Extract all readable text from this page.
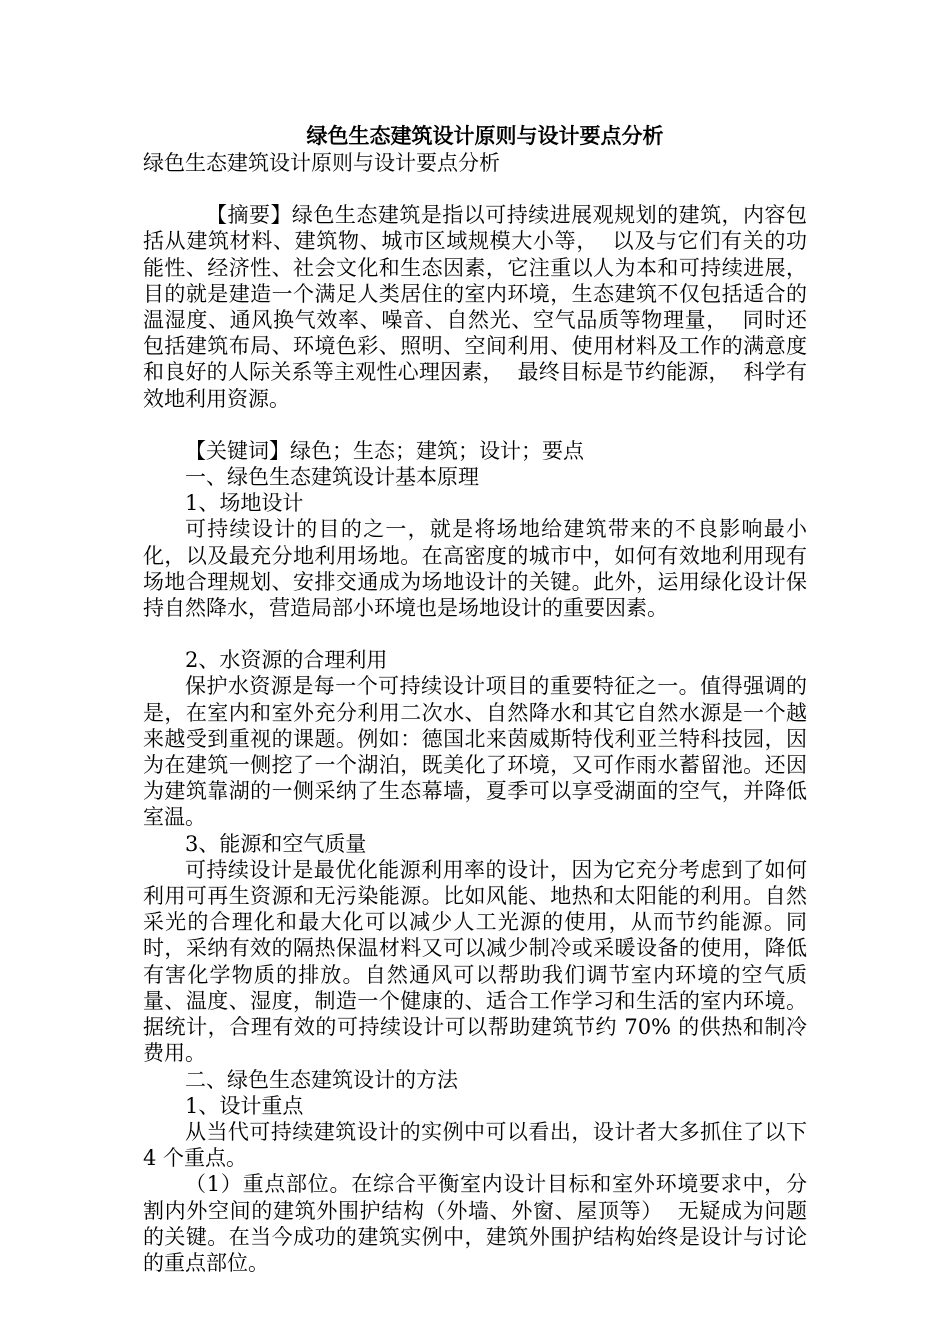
绿色生态建筑设计原则与设计要点分析

绿色生态建筑设计原则与设计要点分析

【摘要】绿色生态建筑是指以可持续进展观规划的建筑，内容包括从建筑材料、建筑物、城市区域规模大小等，  以及与它们有关的功能性、经济性、社会文化和生态因素，它注重以人为本和可持续进展，  目的就是建造一个满足人类居住的室内环境，生态建筑不仅包括适合的温湿度、通风换气效率、噪音、自然光、空气品质等物理量，  同时还包括建筑布局、环境色彩、照明、空间利用、使用材料及工作的满意度和良好的人际关系等主观性心理因素，  最终目标是节约能源，  科学有效地利用资源。

【关键词】绿色；生态；建筑；设计；要点

一、绿色生态建筑设计基本原理

1、场地设计

可持续设计的目的之一，就是将场地给建筑带来的不良影响最小化，以及最充分地利用场地。在高密度的城市中，如何有效地利用现有场地合理规划、安排交通成为场地设计的关键。此外，运用绿化设计保持自然降水，营造局部小环境也是场地设计的重要因素。

2、水资源的合理利用

保护水资源是每一个可持续设计项目的重要特征之一。值得强调的是，在室内和室外充分利用二次水、自然降水和其它自然水源是一个越来越受到重视的课题。例如：德国北来茵威斯特伐利亚兰特科技园，因为在建筑一侧挖了一个湖泊，既美化了环境，又可作雨水蓄留池。还因为建筑靠湖的一侧采纳了生态幕墙，夏季可以享受湖面的空气，并降低室温。

3、能源和空气质量

可持续设计是最优化能源利用率的设计，因为它充分考虑到了如何利用可再生资源和无污染能源。比如风能、地热和太阳能的利用。自然采光的合理化和最大化可以减少人工光源的使用，从而节约能源。同时，采纳有效的隔热保温材料又可以减少制冷或采暖设备的使用，降低有害化学物质的排放。自然通风可以帮助我们调节室内环境的空气质量、温度、湿度，制造一个健康的、适合工作学习和生活的室内环境。据统计，合理有效的可持续设计可以帮助建筑节约 70% 的供热和制冷费用。

二、绿色生态建筑设计的方法

1、设计重点

从当代可持续建筑设计的实例中可以看出，设计者大多抓住了以下 4 个重点。

（1）重点部位。在综合平衡室内设计目标和室外环境要求中，分割内外空间的建筑外围护结构（外墙、外窗、屋顶等）  无疑成为问题的关键。在当今成功的建筑实例中，建筑外围护结构始终是设计与讨论的重点部位。
